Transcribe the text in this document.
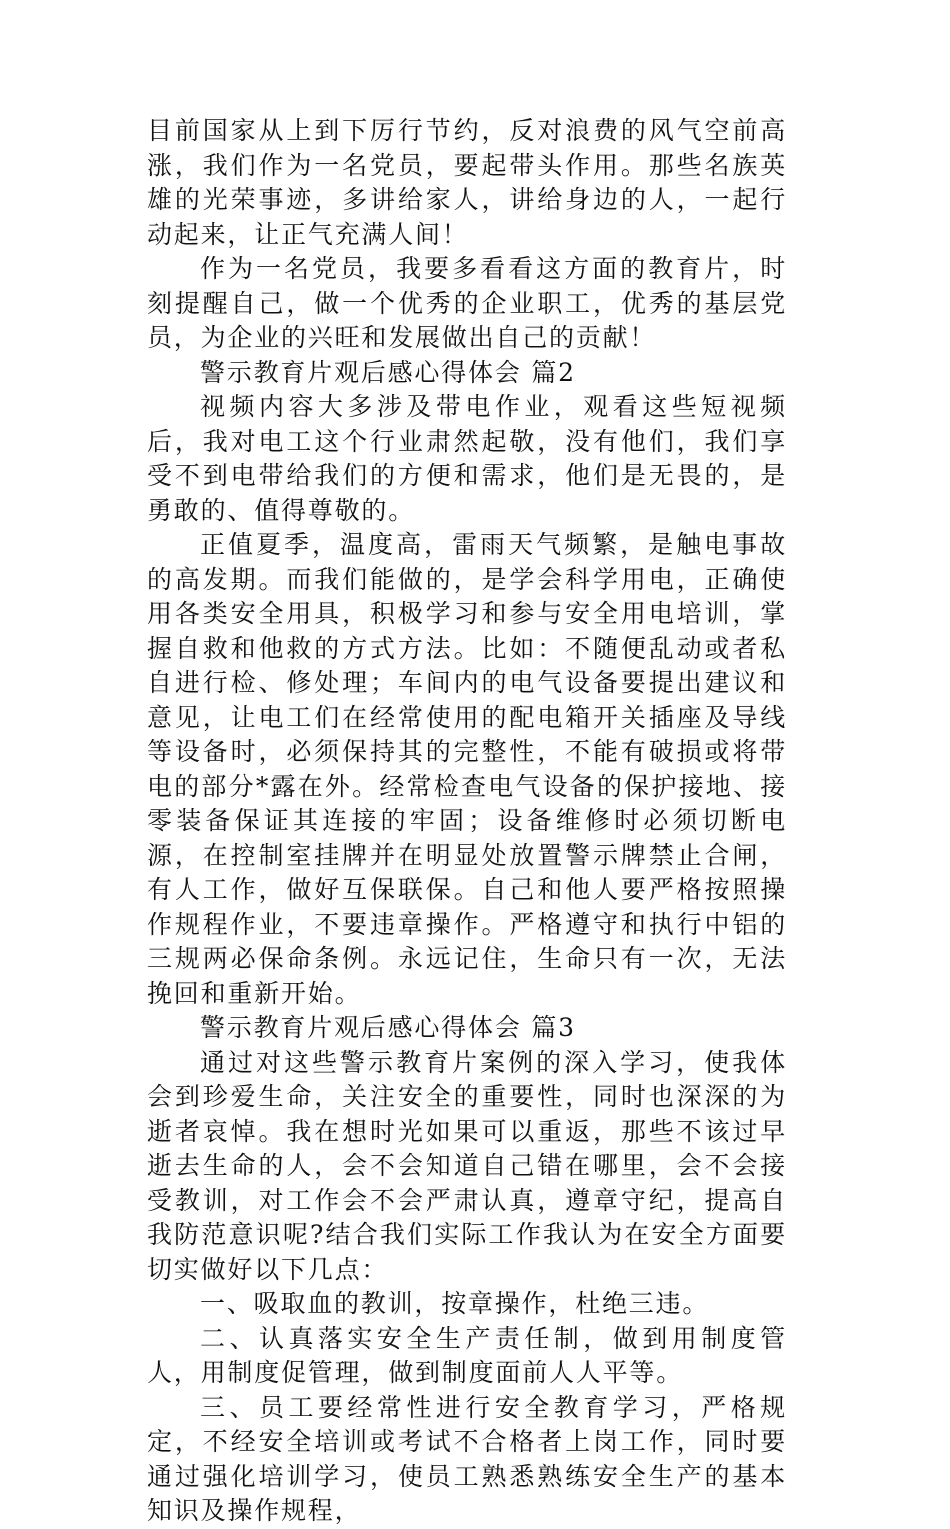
目前国家从上到下厉行节约，反对浪费的风气空前高涨，我们作为一名党员，要起带头作用。那些名族英雄的光荣事迹，多讲给家人，讲给身边的人，一起行动起来，让正气充满人间！

作为一名党员，我要多看看这方面的教育片，时刻提醒自己，做一个优秀的企业职工，优秀的基层党员，为企业的兴旺和发展做出自己的贡献！

警示教育片观后感心得体会 篇2

视频内容大多涉及带电作业，观看这些短视频后，我对电工这个行业肃然起敬，没有他们，我们享受不到电带给我们的方便和需求，他们是无畏的，是勇敢的、值得尊敬的。

正值夏季，温度高，雷雨天气频繁，是触电事故的高发期。而我们能做的，是学会科学用电，正确使用各类安全用具，积极学习和参与安全用电培训，掌握自救和他救的方式方法。比如：不随便乱动或者私自进行检、修处理；车间内的电气设备要提出建议和意见，让电工们在经常使用的配电箱开关插座及导线等设备时，必须保持其的完整性，不能有破损或将带电的部分*露在外。经常检查电气设备的保护接地、接零装备保证其连接的牢固；设备维修时必须切断电源，在控制室挂牌并在明显处放置警示牌禁止合闸，有人工作，做好互保联保。自己和他人要严格按照操作规程作业，不要违章操作。严格遵守和执行中铝的三规两必保命条例。永远记住，生命只有一次，无法挽回和重新开始。

警示教育片观后感心得体会 篇3

通过对这些警示教育片案例的深入学习，使我体会到珍爱生命，关注安全的重要性，同时也深深的为逝者哀悼。我在想时光如果可以重返，那些不该过早逝去生命的人，会不会知道自己错在哪里，会不会接受教训，对工作会不会严肃认真，遵章守纪，提高自我防范意识呢?结合我们实际工作我认为在安全方面要切实做好以下几点：

一、吸取血的教训，按章操作，杜绝三违。

二、认真落实安全生产责任制，做到用制度管人，用制度促管理，做到制度面前人人平等。

三、员工要经常性进行安全教育学习，严格规定，不经安全培训或考试不合格者上岗工作，同时要通过强化培训学习，使员工熟悉熟练安全生产的基本知识及操作规程，
